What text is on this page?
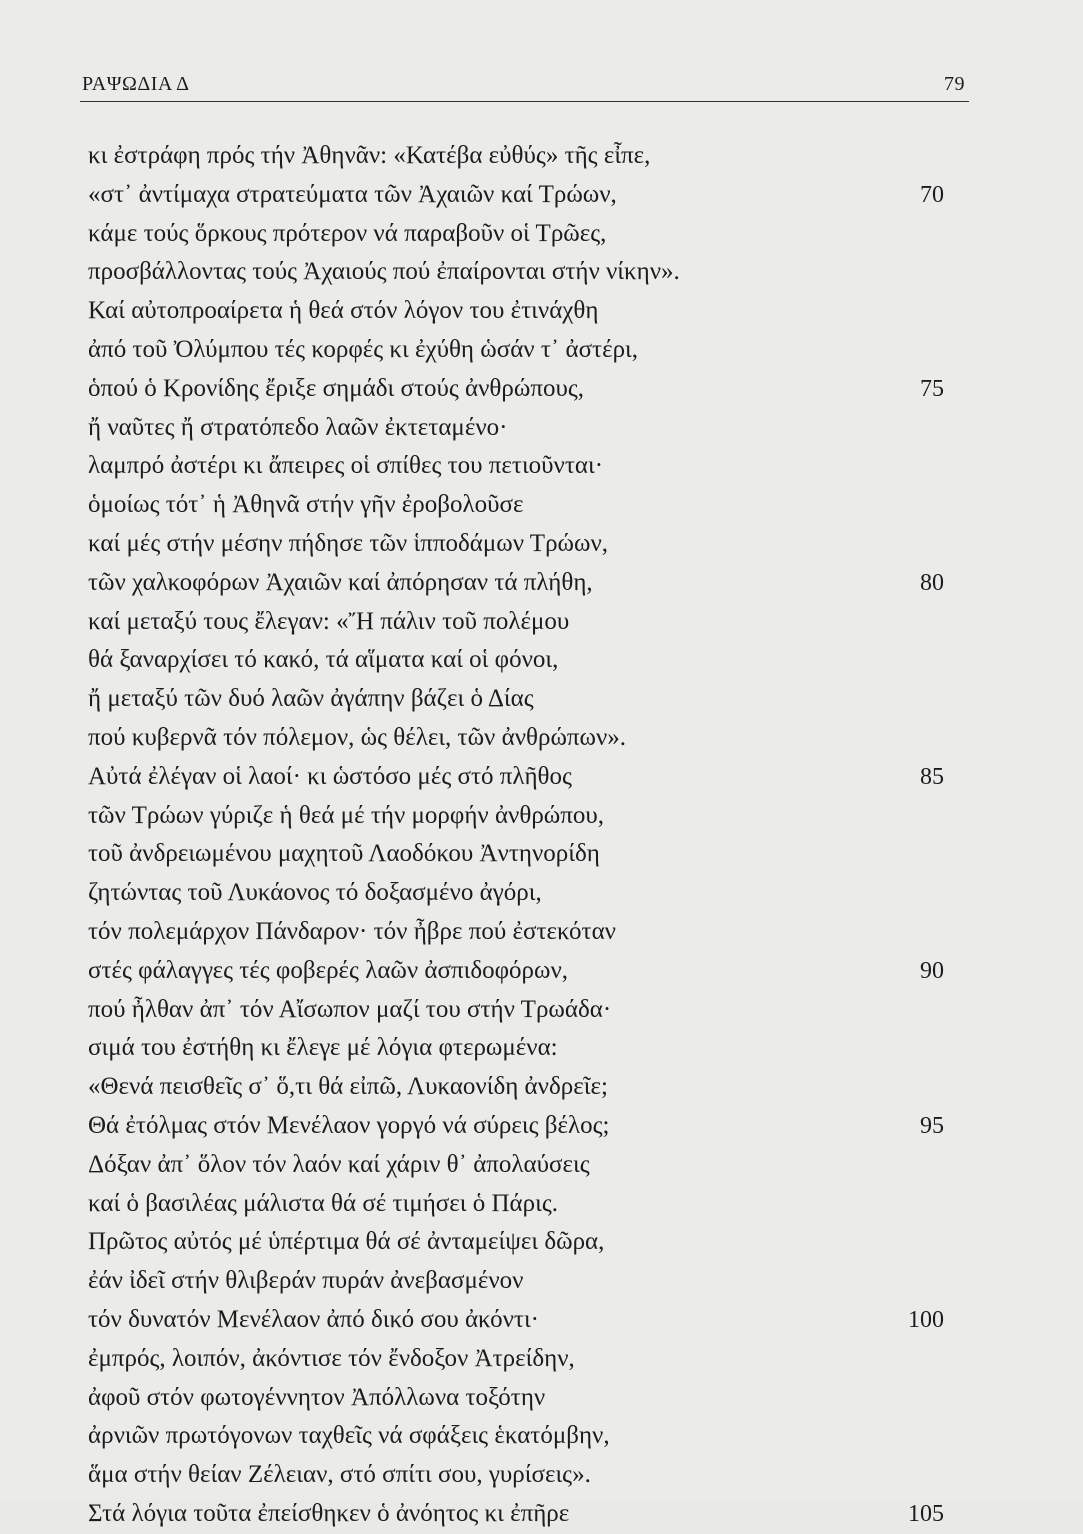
ΡΑΨΩΔΙΑ Δ	79
κι ἐστράφη πρός τήν Ἀθηνᾶν: «Κατέβα εὐθύς» τῆς εἶπε,
«στ᾽ ἀντίμαχα στρατεύματα τῶν Ἀχαιῶν καί Τρώων,	70
κάμε τούς ὅρκους πρότερον νά παραβοῦν οἱ Τρῶες,
προσβάλλοντας τούς Ἀχαιούς πού ἐπαίρονται στήν νίκην».
Καί αὐτοπροαίρετα ἡ θεά στόν λόγον του ἐτινάχθη
ἀπό τοῦ Ὀλύμπου τές κορφές κι ἐχύθη ὡσάν τ᾽ ἀστέρι,
ὁπού ὁ Κρονίδης ἔριξε σημάδι στούς ἀνθρώπους,	75
ἤ ναῦτες ἤ στρατόπεδο λαῶν ἐκτεταμένο·
λαμπρό ἀστέρι κι ἄπειρες οἱ σπίθες του πετιοῦνται·
ὁμοίως τότ᾽ ἡ Ἀθηνᾶ στήν γῆν ἐροβολοῦσε
καί μές στήν μέσην πήδησε τῶν ἱπποδάμων Τρώων,
τῶν χαλκοφόρων Ἀχαιῶν καί ἀπόρησαν τά πλήθη,	80
καί μεταξύ τους ἔλεγαν: «Ἤ πάλιν τοῦ πολέμου
θά ξαναρχίσει τό κακό, τά αἵματα καί οἱ φόνοι,
ἤ μεταξύ τῶν δυό λαῶν ἀγάπην βάζει ὁ Δίας
πού κυβερνᾶ τόν πόλεμον, ὡς θέλει, τῶν ἀνθρώπων».
Αὐτά ἐλέγαν οἱ λαοί· κι ὡστόσο μές στό πλῆθος	85
τῶν Τρώων γύριζε ἡ θεά μέ τήν μορφήν ἀνθρώπου,
τοῦ ἀνδρειωμένου μαχητοῦ Λαοδόκου Ἀντηνορίδη
ζητώντας τοῦ Λυκάονος τό δοξασμένο ἀγόρι,
τόν πολεμάρχον Πάνδαρον· τόν ἦβρε πού ἐστεκόταν
στές φάλαγγες τές φοβερές λαῶν ἀσπιδοφόρων,	90
πού ἦλθαν ἀπ᾽ τόν Αἴσωπον μαζί του στήν Τρωάδα·
σιμά του ἐστήθη κι ἔλεγε μέ λόγια φτερωμένα:
«Θενά πεισθεῖς σ᾽ ὅ,τι θά εἰπῶ, Λυκαονίδη ἀνδρεῖε;
Θά ἐτόλμας στόν Μενέλαον γοργό νά σύρεις βέλος;	95
Δόξαν ἀπ᾽ ὅλον τόν λαόν καί χάριν θ᾽ ἀπολαύσεις
καί ὁ βασιλέας μάλιστα θά σέ τιμήσει ὁ Πάρις.
Πρῶτος αὐτός μέ ὑπέρτιμα θά σέ ἀνταμείψει δῶρα,
ἐάν ἰδεῖ στήν θλιβεράν πυράν ἀνεβασμένον
τόν δυνατόν Μενέλαον ἀπό δικό σου ἀκόντι·	100
ἐμπρός, λοιπόν, ἀκόντισε τόν ἔνδοξον Ἀτρείδην,
ἀφοῦ στόν φωτογέννητον Ἀπόλλωνα τοξότην
ἀρνιῶν πρωτόγονων ταχθεῖς νά σφάξεις ἑκατόμβην,
ἅμα στήν θείαν Ζέλειαν, στό σπίτι σου, γυρίσεις».
Στά λόγια τοῦτα ἐπείσθηκεν ὁ ἀνόητος κι ἐπῆρε	105
